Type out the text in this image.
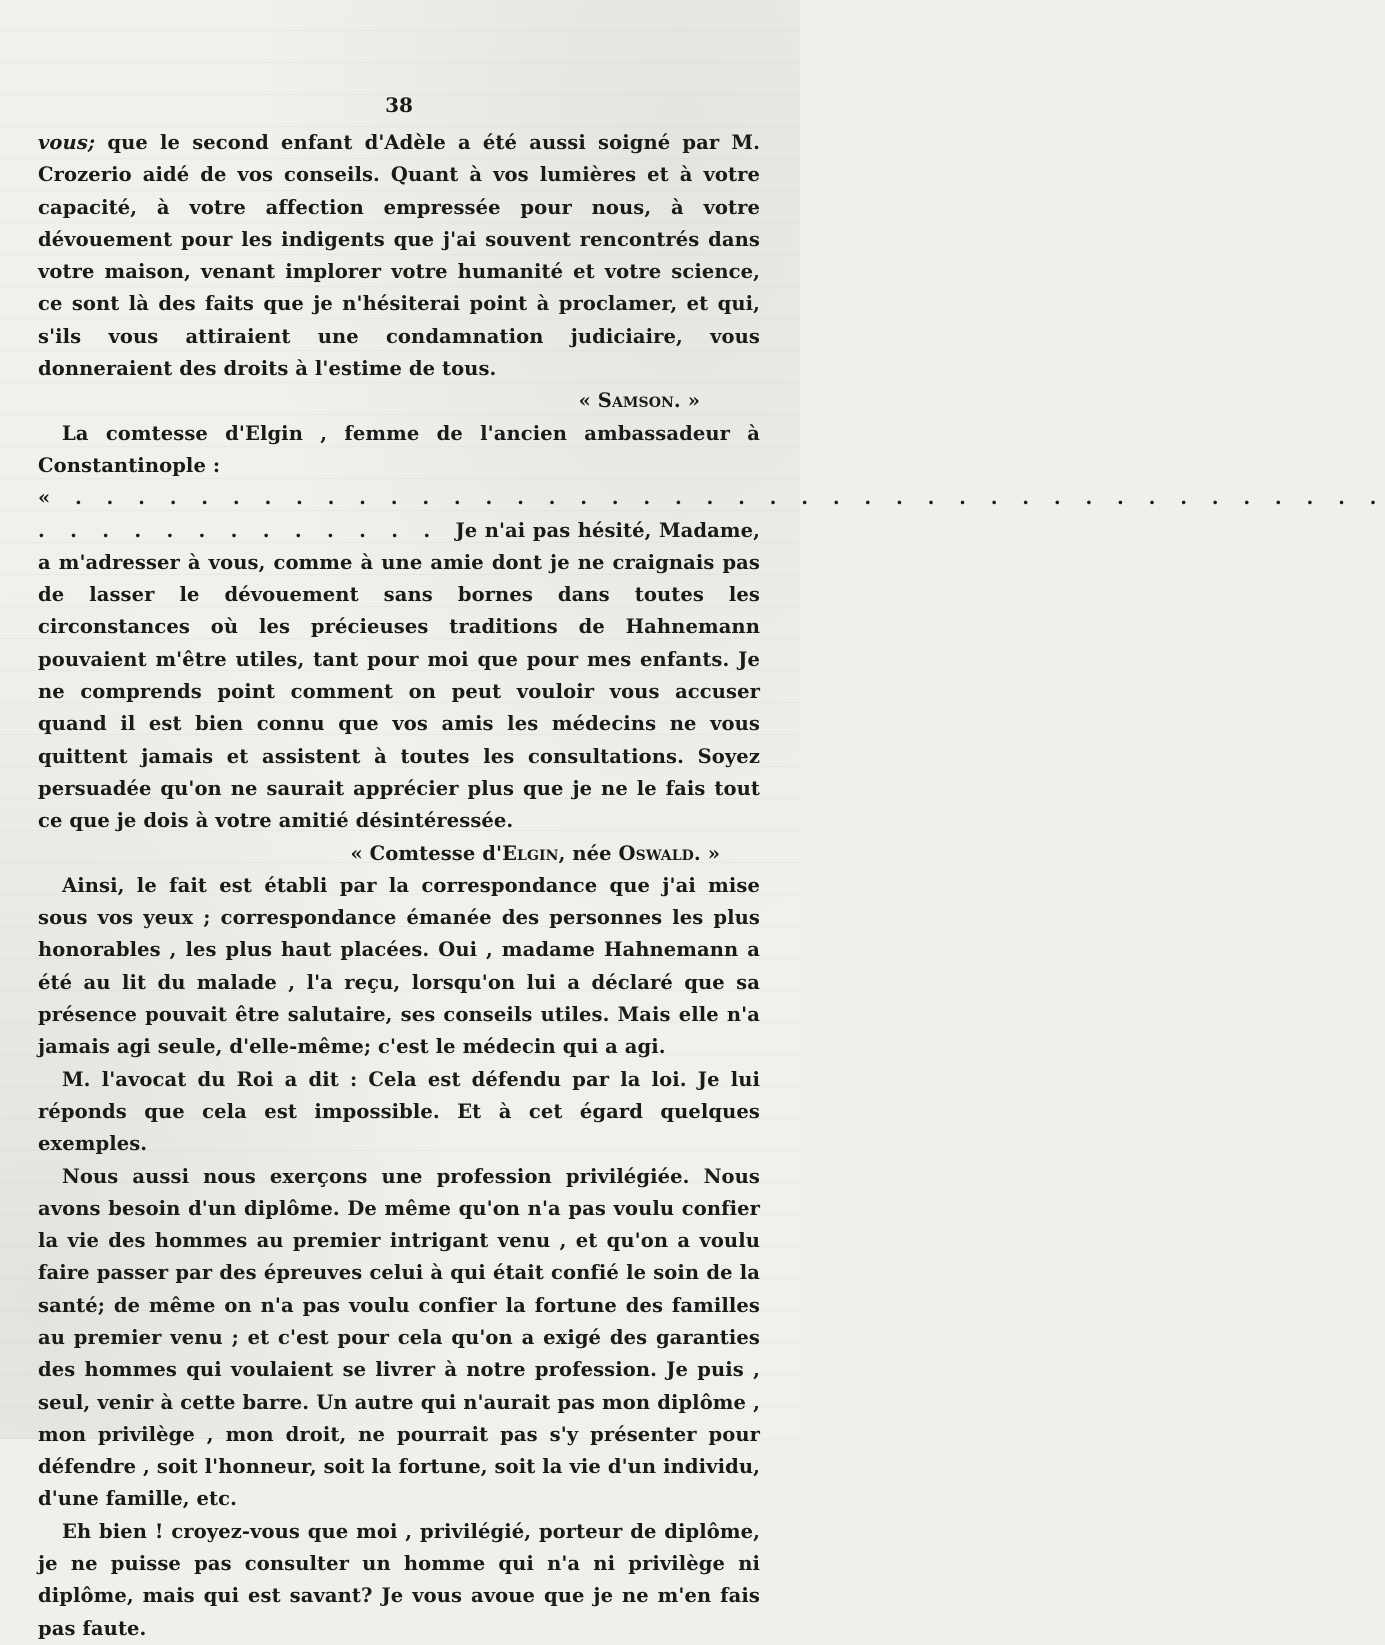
38

vous; que le second enfant d'Adèle a été aussi soigné par M. Crozerio aidé de vos conseils. Quant à vos lumières et à votre capacité, à votre affection empressée pour nous, à votre dévouement pour les indigents que j'ai souvent rencontrés dans votre maison, venant implorer votre humanité et votre science, ce sont là des faits que je n'hésiterai point à proclamer, et qui, s'ils vous attiraient une condamnation judiciaire, vous donneraient des droits à l'estime de tous.

« Samson. »

La comtesse d'Elgin , femme de l'ancien ambassadeur à Constantinople :

« . . . . . . . . . . . . . . . . . . . . . . . . . . . . . . . . . . . . . . . . . .

. . . . . . . . . . . . . Je n'ai pas hésité, Madame, a m'adresser à vous, comme à une amie dont je ne craignais pas de lasser le dévouement sans bornes dans toutes les circonstances où les précieuses traditions de Hahnemann pouvaient m'être utiles, tant pour moi que pour mes enfants. Je ne comprends point comment on peut vouloir vous accuser quand il est bien connu que vos amis les médecins ne vous quittent jamais et assistent à toutes les consultations. Soyez persuadée qu'on ne saurait apprécier plus que je ne le fais tout ce que je dois à votre amitié désintéressée.

« Comtesse d'Elgin, née Oswald. »

Ainsi, le fait est établi par la correspondance que j'ai mise sous vos yeux ; correspondance émanée des personnes les plus honorables , les plus haut placées. Oui , madame Hahnemann a été au lit du malade , l'a reçu, lorsqu'on lui a déclaré que sa présence pouvait être salutaire, ses conseils utiles. Mais elle n'a jamais agi seule, d'elle-même; c'est le médecin qui a agi.

M. l'avocat du Roi a dit : Cela est défendu par la loi. Je lui réponds que cela est impossible. Et à cet égard quelques exemples.

Nous aussi nous exerçons une profession privilégiée. Nous avons besoin d'un diplôme. De même qu'on n'a pas voulu confier la vie des hommes au premier intrigant venu , et qu'on a voulu faire passer par des épreuves celui à qui était confié le soin de la santé; de même on n'a pas voulu confier la fortune des familles au premier venu ; et c'est pour cela qu'on a exigé des garanties des hommes qui voulaient se livrer à notre profession. Je puis , seul, venir à cette barre. Un autre qui n'aurait pas mon diplôme , mon privilège , mon droit, ne pourrait pas s'y présenter pour défendre , soit l'honneur, soit la fortune, soit la vie d'un individu, d'une famille, etc.

Eh bien ! croyez-vous que moi , privilégié, porteur de diplôme, je ne puisse pas consulter un homme qui n'a ni privilège ni diplôme, mais qui est savant? Je vous avoue que je ne m'en fais pas faute.
